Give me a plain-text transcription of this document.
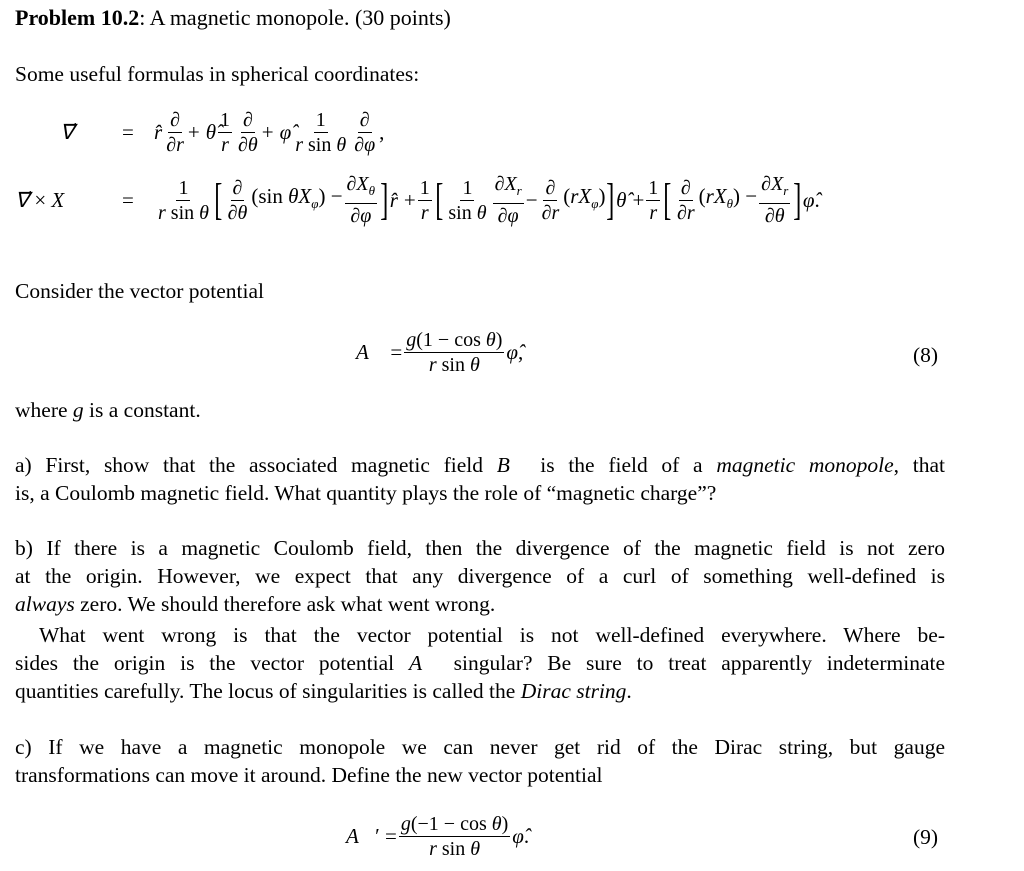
Problem 10.2: A magnetic monopole. (30 points)
Some useful formulas in spherical coordinates:
∇⃗	= r̂ $\frac{\partial}{\partial r}$ + θ̂ $\frac{1}{r} \frac{\partial}{\partial\theta}$ + φ̂ $\frac{1}{\text{r sin θ}} \frac{\partial}{\partial\varphi}$ ,
∇⃗ × X⃗	=	$\frac{1}{\text{r sin θ}}$ [ $\frac{\partial}{\partial\theta} (\sin$ $\theta X_\varphi) - \frac{\partial X_\theta}{\partial\varphi}$ ] r̂ + $\frac{1}{r}$ [ $\frac{1}{\text{sin θ}} \frac{\partial X_r}{\partial\varphi} - \frac{\partial}{\partial r} (rX_\varphi)$ ] θ̂ + $\frac{1}{r}$ [ $\frac{\partial}{\partial r} (rX_\theta) - \frac{\partial X_r}{\partial\theta}$ ] φ̂ .
Consider the vector potential
A⃗ = $\frac{\text{g(1 − cos θ)}}{\text{r sin θ}}$ φ̂ ,	(8)
where g is a constant.
a) First, show that the associated magnetic field B⃗ is the field of a magnetic monopole, that
is, a Coulomb magnetic field. What quantity plays the role of “magnetic charge”?
b) If there is a magnetic Coulomb field, then the divergence of the magnetic field is not zero
at the origin. However, we expect that any divergence of a curl of something well-defined is
always zero. We should therefore ask what went wrong.
What went wrong is that the vector potential is not well-defined everywhere. Where be-
sides the origin is the vector potential A⃗ singular? Be sure to treat apparently indeterminate
quantities carefully. The locus of singularities is called the Dirac string.
c) If we have a magnetic monopole we can never get rid of the Dirac string, but gauge
transformations can move it around. Define the new vector potential
A⃗′ = $\frac{\text{g(−1 − cos θ)}}{\text{r sin θ}}$ φ̂ .	(9)
